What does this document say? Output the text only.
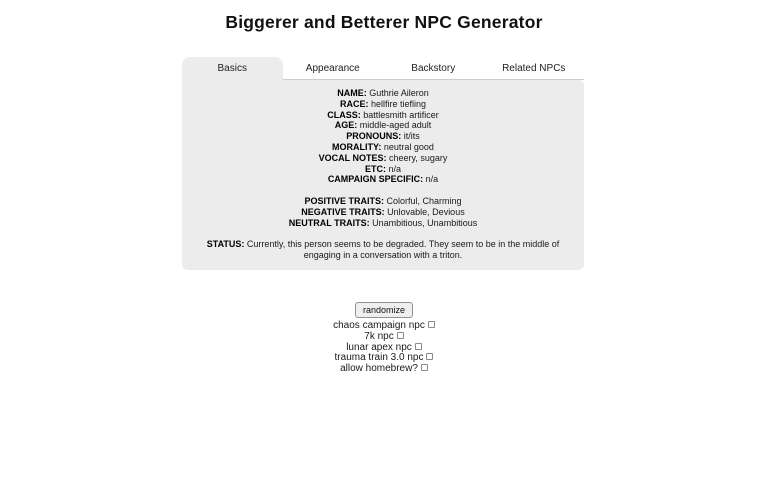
Biggerer and Betterer NPC Generator
Basics	Appearance	Backstory	Related NPCs
NAME: Guthrie Aileron
RACE: hellfire tiefling
CLASS: battlesmith artificer
AGE: middle-aged adult
PRONOUNS: it/its
MORALITY: neutral good
VOCAL NOTES: cheery, sugary
ETC: n/a
CAMPAIGN SPECIFIC: n/a
POSITIVE TRAITS: Colorful, Charming
NEGATIVE TRAITS: Unlovable, Devious
NEUTRAL TRAITS: Unambitious, Unambitious
STATUS: Currently, this person seems to be degraded. They seem to be in the middle of engaging in a conversation with a triton.
randomize
chaos campaign npc
7k npc
lunar apex npc
trauma train 3.0 npc
allow homebrew?
